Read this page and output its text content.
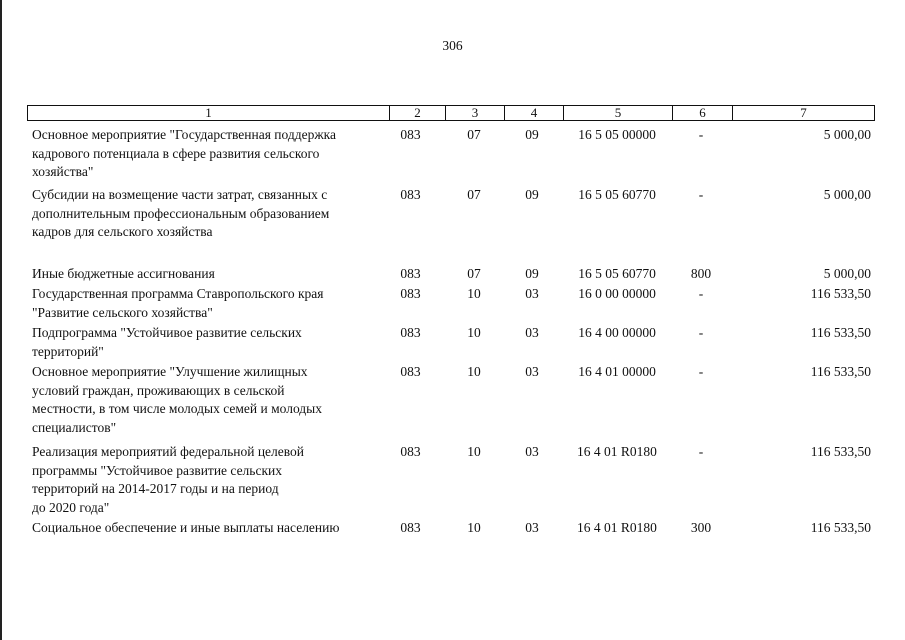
306
1	2	3	4	5	6	7
Основное мероприятие "Государственная поддержка
кадрового потенциала в сфере развития сельского
хозяйства"
083	07	09	16 5 05 00000	-	5 000,00
Субсидии на возмещение части затрат, связанных с
дополнительным профессиональным образованием
кадров для сельского хозяйства
083	07	09	16 5 05 60770	-	5 000,00
Иные бюджетные ассигнования	083	07	09	16 5 05 60770	800	5 000,00
Государственная программа Ставропольского края
"Развитие сельского хозяйства"
083	10	03	16 0 00 00000	-	116 533,50
Подпрограмма "Устойчивое развитие сельских
территорий"
083	10	03	16 4 00 00000	-	116 533,50
Основное мероприятие "Улучшение жилищных
условий граждан, проживающих в сельской
местности, в том числе молодых семей и молодых
специалистов"
083	10	03	16 4 01 00000	-	116 533,50
Реализация мероприятий федеральной целевой
программы "Устойчивое развитие сельских
территорий на 2014-2017 годы и на период
до 2020 года"
083	10	03	16 4 01 R0180	-	116 533,50
Социальное обеспечение и иные выплаты населению	083	10	03	16 4 01 R0180	300	116 533,50
